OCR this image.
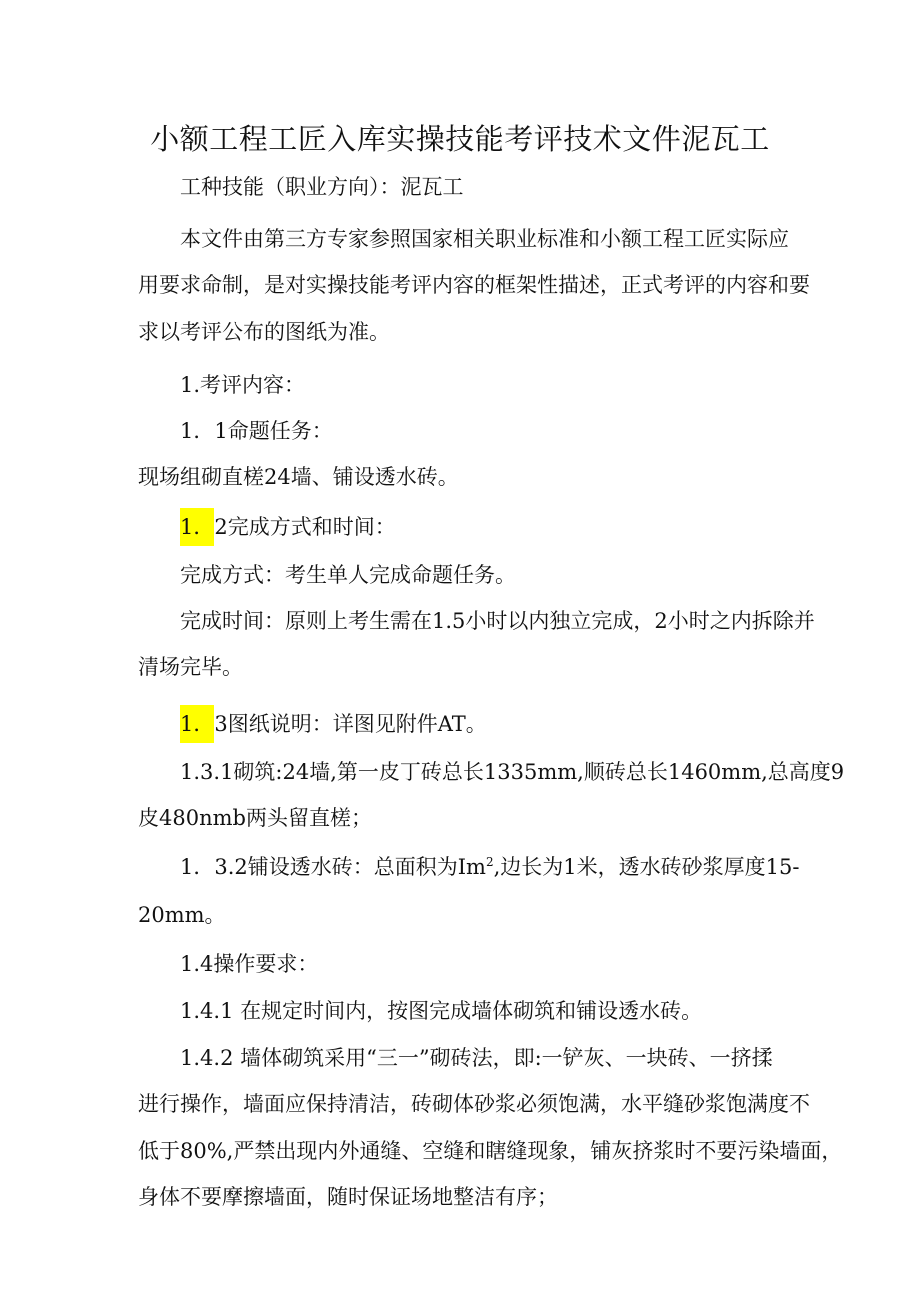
小额工程工匠入库实操技能考评技术文件泥瓦工
工种技能（职业方向）：泥瓦工
本文件由第三方专家参照国家相关职业标准和小额工程工匠实际应
用要求命制，是对实操技能考评内容的框架性描述，正式考评的内容和要
求以考评公布的图纸为准。
1.考评内容：
1．1命题任务：
现场组砌直槎24墙、铺设透水砖。
1．2完成方式和时间：
完成方式：考生单人完成命题任务。
完成时间：原则上考生需在1.5小时以内独立完成，2小时之内拆除并
清场完毕。
1．3图纸说明：详图见附件AT。
1.3.1砌筑:24墙,第一皮丁砖总长1335mm,顺砖总长1460mm,总高度9
皮480nmb两头留直槎；
1．3.2铺设透水砖：总面积为Im$^2$,边长为1米，透水砖砂浆厚度15-
20mm。
1.4操作要求：
1.4.1 在规定时间内，按图完成墙体砌筑和铺设透水砖。
1.4.2 墙体砌筑采用“三一”砌砖法，即:一铲灰、一块砖、一挤揉
进行操作，墙面应保持清洁，砖砌体砂浆必须饱满，水平缝砂浆饱满度不
低于80%,严禁出现内外通缝、空缝和瞎缝现象，铺灰挤浆时不要污染墙面，
身体不要摩擦墙面，随时保证场地整洁有序；
